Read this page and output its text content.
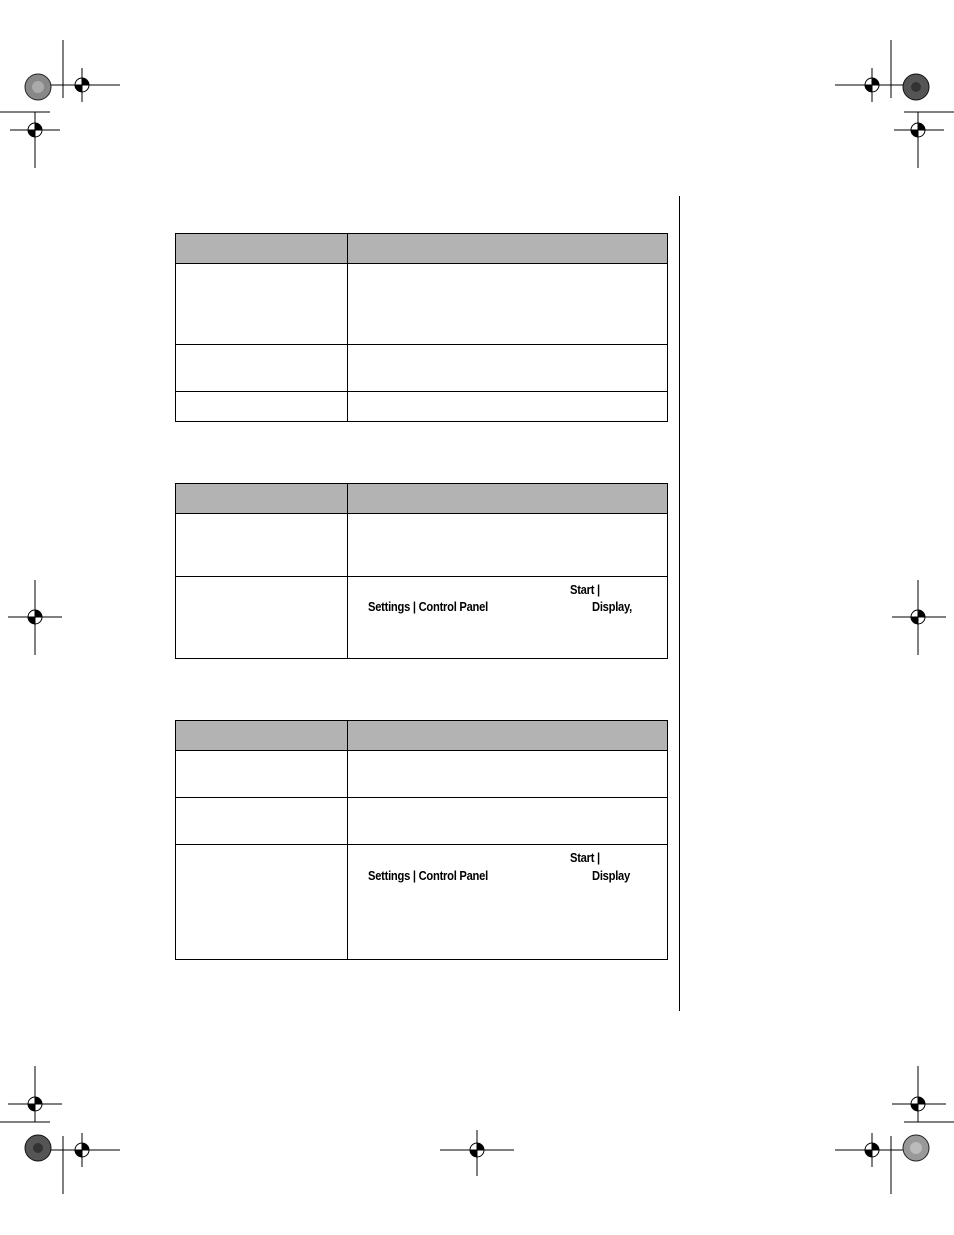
	Start |
Settings | Control Panel Display,

	Start |
Settings | Control Panel Display
